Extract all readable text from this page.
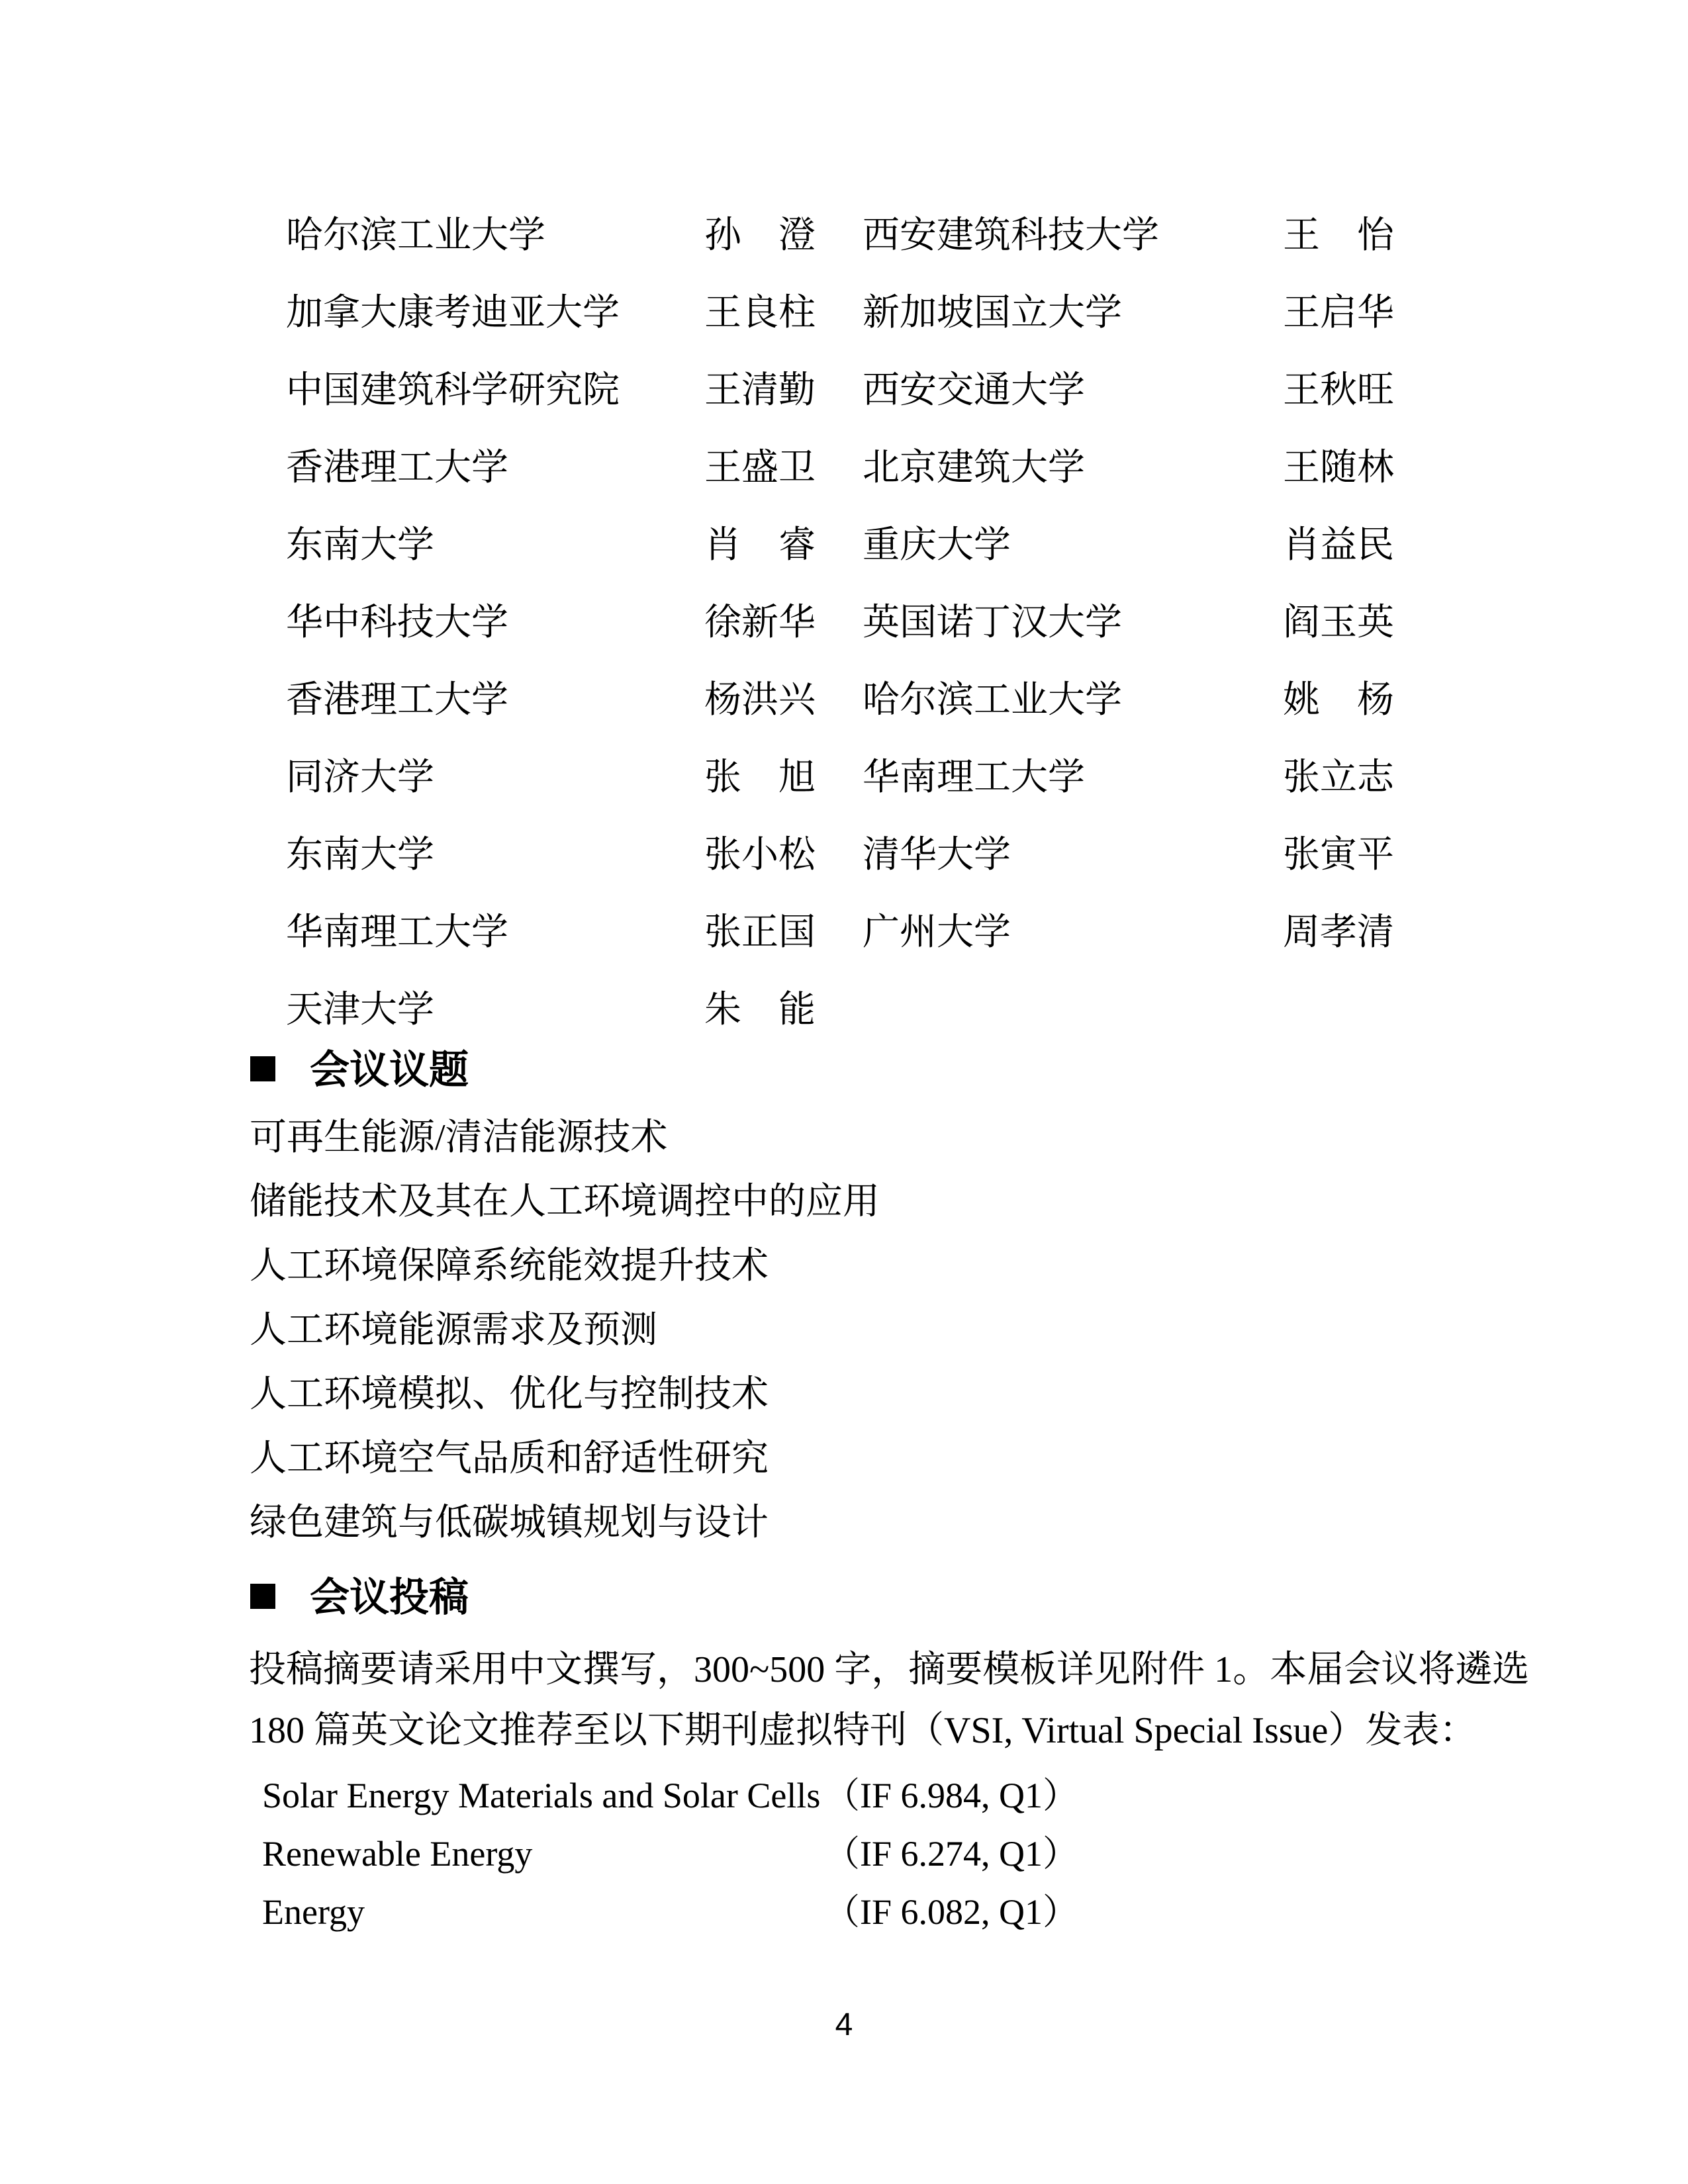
哈尔滨工业大学	孙　澄 西安建筑科技大学	王　怡
加拿大康考迪亚大学 王良柱 新加坡国立大学	王启华
中国建筑科学研究院 王清勤 西安交通大学	王秋旺
香港理工大学	王盛卫 北京建筑大学	王随林
东南大学	肖　睿 重庆大学	肖益民
华中科技大学	徐新华 英国诺丁汉大学	阎玉英
香港理工大学	杨洪兴 哈尔滨工业大学	姚　杨
同济大学	张　旭 华南理工大学	张立志
东南大学	张小松 清华大学	张寅平
华南理工大学	张正国 广州大学	周孝清
天津大学	朱　能
会议议题
可再生能源/清洁能源技术
储能技术及其在人工环境调控中的应用
人工环境保障系统能效提升技术
人工环境能源需求及预测
人工环境模拟、优化与控制技术
人工环境空气品质和舒适性研究
绿色建筑与低碳城镇规划与设计
会议投稿
投稿摘要请采用中文撰写，300~500 字，摘要模板详见附件 1。本届会议将遴选
180 篇英文论文推荐至以下期刊虚拟特刊（VSI, Virtual Special Issue）发表：
Solar Energy Materials and Solar Cells （IF 6.984, Q1）
Renewable Energy	（IF 6.274, Q1）
Energy	（IF 6.082, Q1）
4
